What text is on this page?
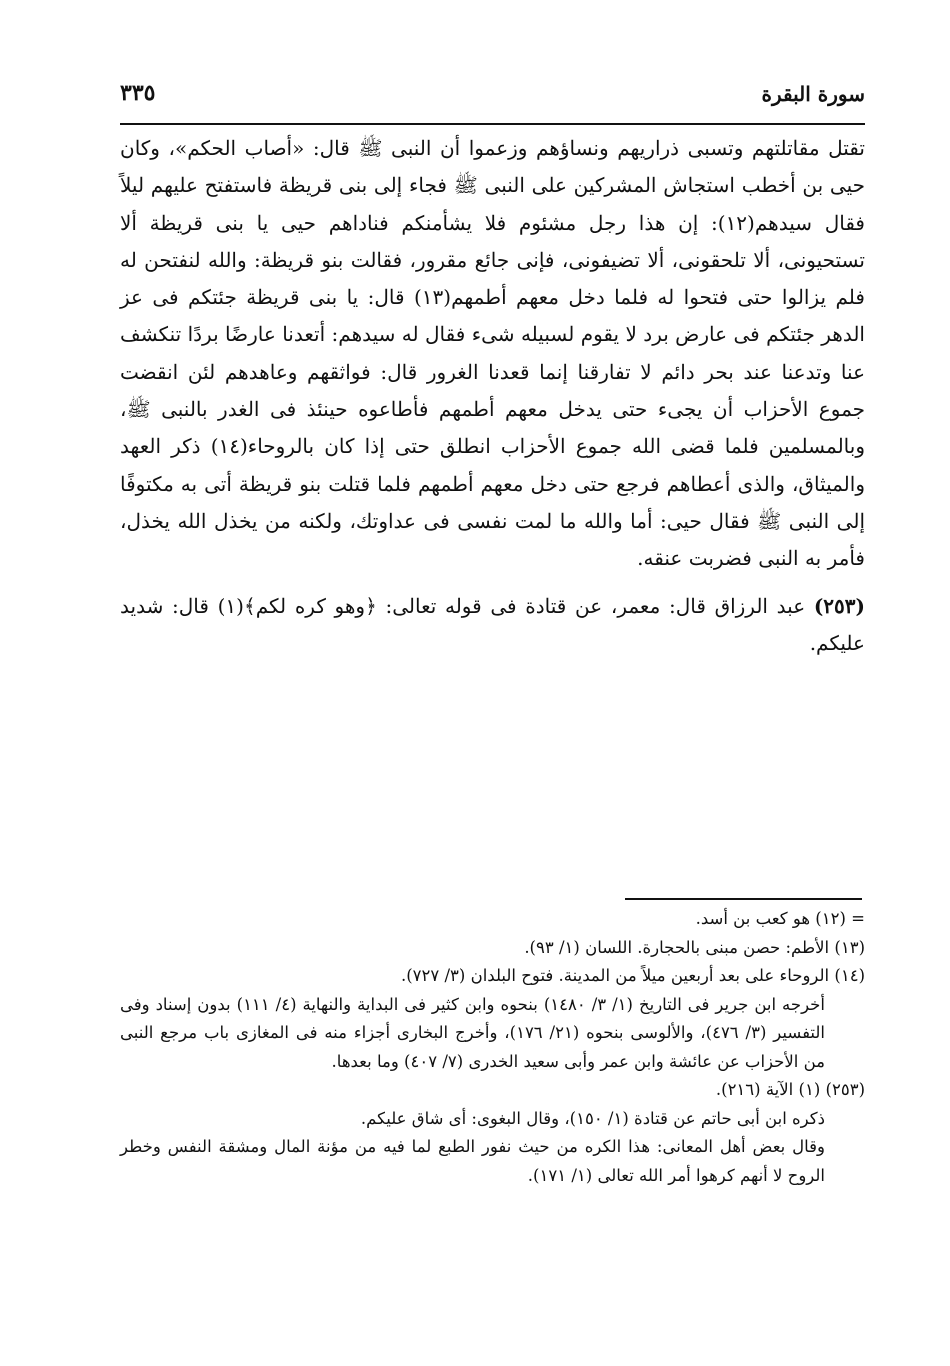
سورة البقرة
٣٣٥

تقتل مقاتلتهم وتسبى ذراريهم ونساؤهم وزعموا أن النبى ﷺ قال: «أصاب الحكم»، وكان حيى بن أخطب استجاش المشركين على النبى ﷺ فجاء إلى بنى قريظة فاستفتح عليهم ليلاً فقال سيدهم(١٢): إن هذا رجل مشئوم فلا يشأمنكم فناداهم حيى يا بنى قريظة ألا تستحيونى، ألا تلحقونى، ألا تضيفونى، فإنى جائع مقرور، فقالت بنو قريظة: والله لنفتحن له فلم يزالوا حتى فتحوا له فلما دخل معهم أطمهم(١٣) قال: يا بنى قريظة جئتكم فى عز الدهر جئتكم فى عارض برد لا يقوم لسبيله شىء فقال له سيدهم: أتعدنا عارضًا بردًا تنكشف عنا وتدعنا عند بحر دائم لا تفارقنا إنما قعدنا الغرور قال: فواثقهم وعاهدهم لئن انقضت جموع الأحزاب أن يجىء حتى يدخل معهم أطمهم فأطاعوه حينئذ فى الغدر بالنبى ﷺ، وبالمسلمين فلما قضى الله جموع الأحزاب انطلق حتى إذا كان بالروحاء(١٤) ذكر العهد والميثاق، والذى أعطاهم فرجع حتى دخل معهم أطمهم فلما قتلت بنو قريظة أتى به مكتوفًا إلى النبى ﷺ فقال حيى: أما والله ما لمت نفسى فى عداوتك، ولكنه من يخذل الله يخذل، فأمر به النبى فضربت عنقه.

(٢٥٣) عبد الرزاق قال: معمر، عن قتادة فى قوله تعالى: ﴿وهو كره لكم﴾(١) قال: شديد عليكم.

= (١٢) هو كعب بن أسد.

(١٣) الأطم: حصن مبنى بالحجارة. اللسان (١/ ٩٣).

(١٤) الروحاء على بعد أربعين ميلاً من المدينة. فتوح البلدان (٣/ ٧٢٧).

أخرجه ابن جرير فى التاريخ (١/ ٣/ ١٤٨٠) بنحوه وابن كثير فى البداية والنهاية (٤/ ١١١) بدون إسناد وفى التفسير (٣/ ٤٧٦)، والألوسى بنحوه (٢١/ ١٧٦)، وأخرج البخارى أجزاء منه فى المغازى باب مرجع النبى من الأحزاب عن عائشة وابن عمر وأبى سعيد الخدرى (٧/ ٤٠٧) وما بعدها.

(٢٥٣) (١) الآية (٢١٦).

ذكره ابن أبى حاتم عن قتادة (١/ ١٥٠)، وقال البغوى: أى شاق عليكم.

وقال بعض أهل المعانى: هذا الكره من حيث نفور الطبع لما فيه من مؤنة المال ومشقة النفس وخطر الروح لا أنهم كرهوا أمر الله تعالى (١/ ١٧١).
